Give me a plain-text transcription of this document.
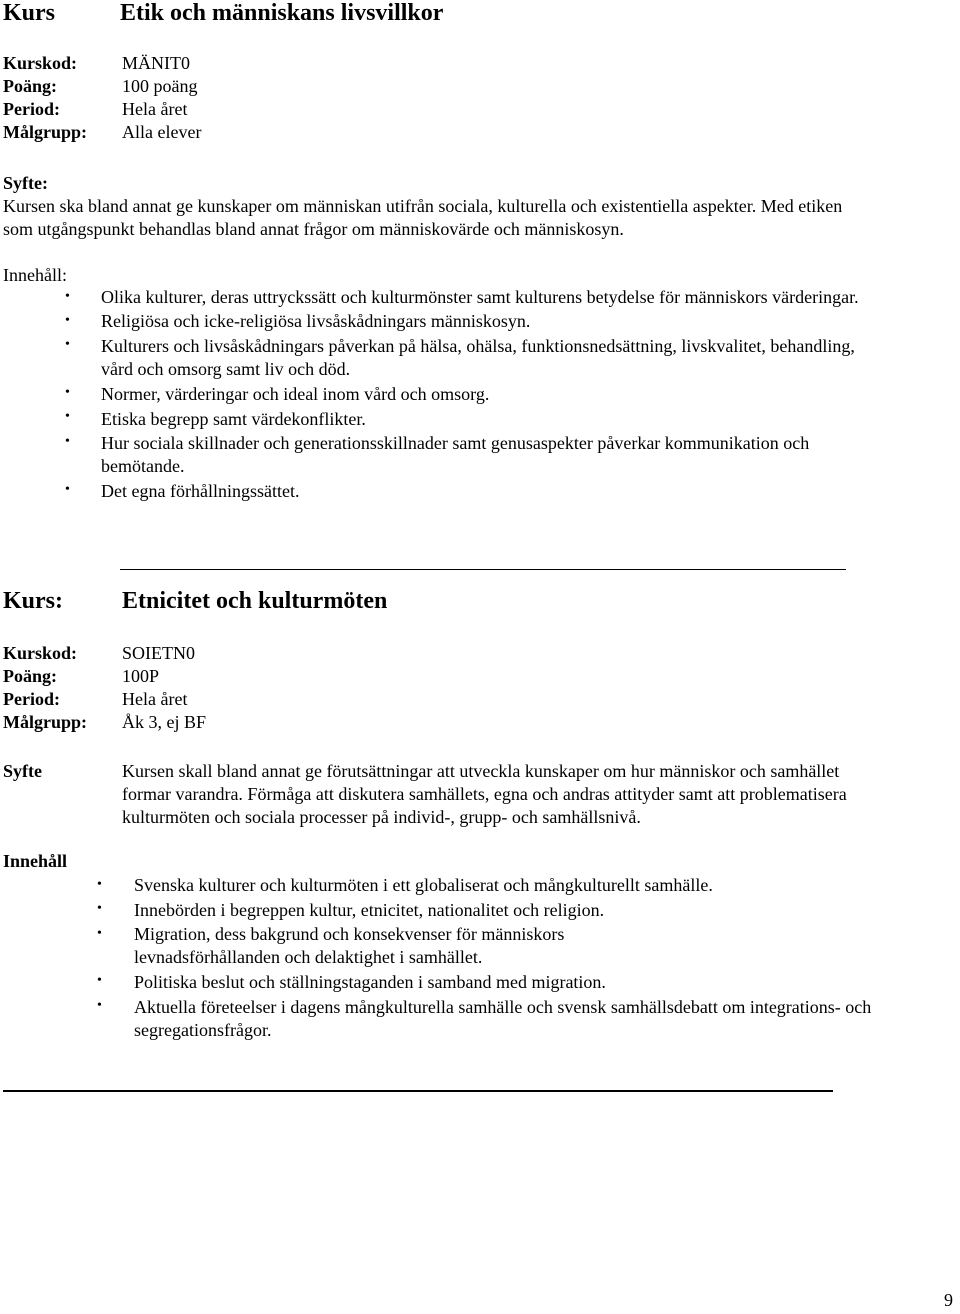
Kurs	Etik och människans livsvillkor
Kurskod: MÄNIT0
Poäng:	100 poäng
Period:	Hela året
Målgrupp: Alla elever
Syfte:
Kursen ska bland annat ge kunskaper om människan utifrån sociala, kulturella och existentiella aspekter. Med etiken
som utgångspunkt behandlas bland annat frågor om människovärde och människosyn.
Innehåll:
• Olika kulturer, deras uttryckssätt och kulturmönster samt kulturens betydelse för människors värderingar.
• Religiösa och icke-religiösa livsåskådningars människosyn.
• Kulturers och livsåskådningars påverkan på hälsa, ohälsa, funktionsnedsättning, livskvalitet, behandling,
vård och omsorg samt liv och död.
• Normer, värderingar och ideal inom vård och omsorg.
• Etiska begrepp samt värdekonflikter.
• Hur sociala skillnader och generationsskillnader samt genusaspekter påverkar kommunikation och
bemötande.
• Det egna förhållningssättet.
Kurs: Etnicitet och kulturmöten
Kurskod: SOIETN0
Poäng:	100P
Period:	Hela året
Målgrupp: Åk 3, ej BF
Syfte	Kursen skall bland annat ge förutsättningar att utveckla kunskaper om hur människor och samhället
formar varandra. Förmåga att diskutera samhällets, egna och andras attityder samt att problematisera
kulturmöten och sociala processer på individ-, grupp- och samhällsnivå.
Innehåll
• Svenska kulturer och kulturmöten i ett globaliserat och mångkulturellt samhälle.
• Innebörden i begreppen kultur, etnicitet, nationalitet och religion.
• Migration, dess bakgrund och konsekvenser för människors
levnadsförhållanden och delaktighet i samhället.
• Politiska beslut och ställningstaganden i samband med migration.
• Aktuella företeelser i dagens mångkulturella samhälle och svensk samhällsdebatt om integrations- och
segregationsfrågor.
9
